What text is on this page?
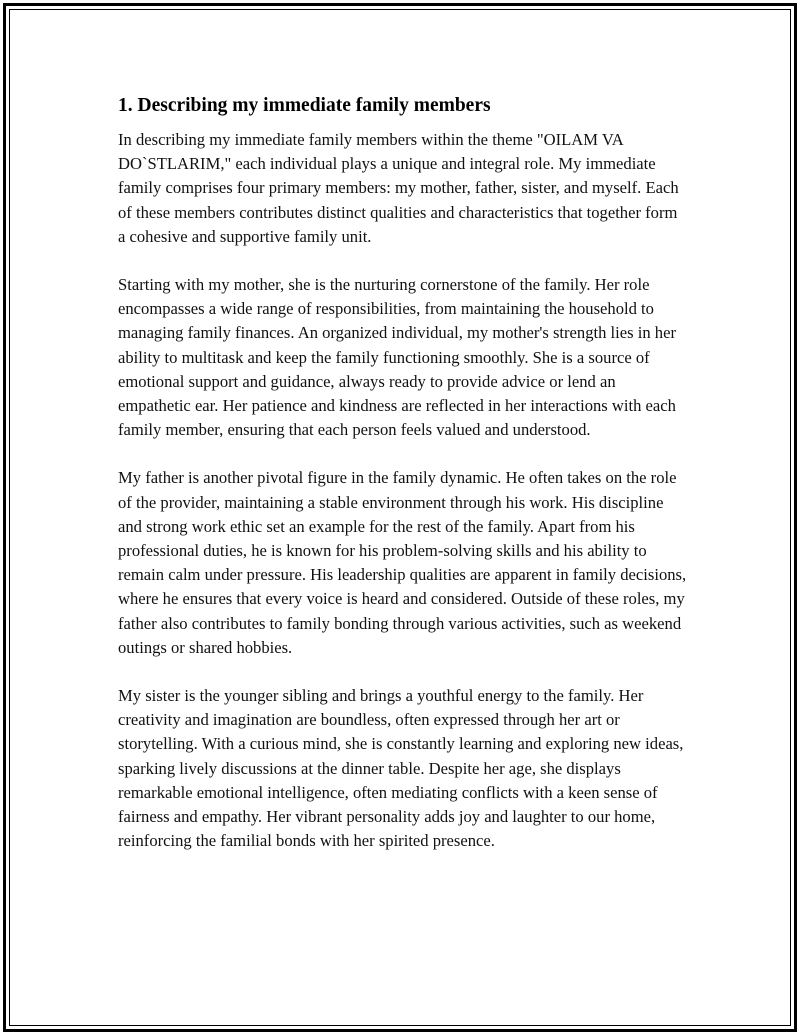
1. Describing my immediate family members

In describing my immediate family members within the theme "OILAM VA DO`STLARIM," each individual plays a unique and integral role. My immediate family comprises four primary members: my mother, father, sister, and myself. Each of these members contributes distinct qualities and characteristics that together form a cohesive and supportive family unit.

Starting with my mother, she is the nurturing cornerstone of the family. Her role encompasses a wide range of responsibilities, from maintaining the household to managing family finances. An organized individual, my mother's strength lies in her ability to multitask and keep the family functioning smoothly. She is a source of emotional support and guidance, always ready to provide advice or lend an empathetic ear. Her patience and kindness are reflected in her interactions with each family member, ensuring that each person feels valued and understood.

My father is another pivotal figure in the family dynamic. He often takes on the role of the provider, maintaining a stable environment through his work. His discipline and strong work ethic set an example for the rest of the family. Apart from his professional duties, he is known for his problem-solving skills and his ability to remain calm under pressure. His leadership qualities are apparent in family decisions, where he ensures that every voice is heard and considered. Outside of these roles, my father also contributes to family bonding through various activities, such as weekend outings or shared hobbies.

My sister is the younger sibling and brings a youthful energy to the family. Her creativity and imagination are boundless, often expressed through her art or storytelling. With a curious mind, she is constantly learning and exploring new ideas, sparking lively discussions at the dinner table. Despite her age, she displays remarkable emotional intelligence, often mediating conflicts with a keen sense of fairness and empathy. Her vibrant personality adds joy and laughter to our home, reinforcing the familial bonds with her spirited presence.
